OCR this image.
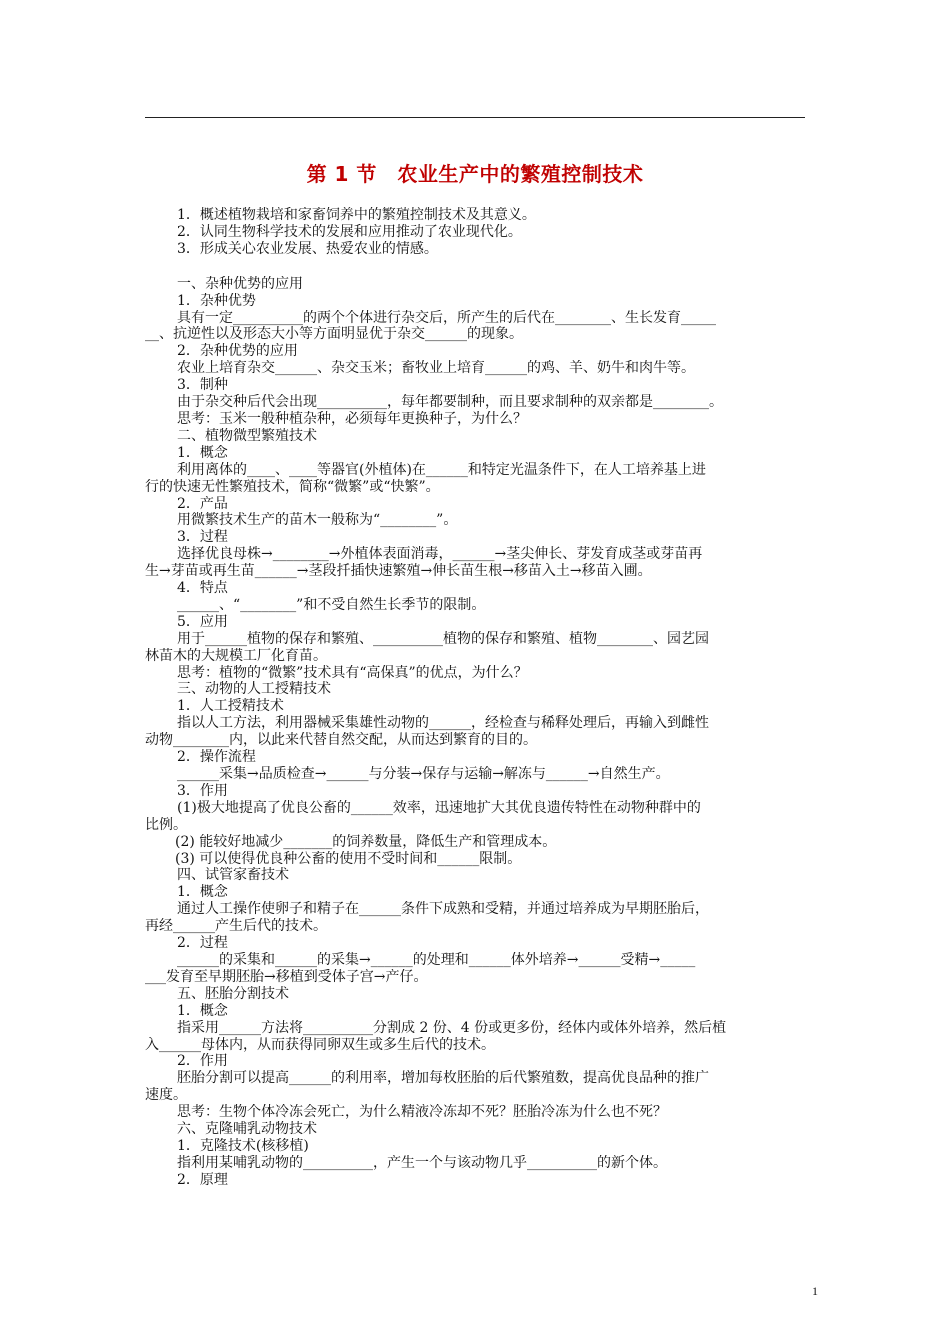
第 1 节　农业生产中的繁殖控制技术
1．概述植物栽培和家畜饲养中的繁殖控制技术及其意义。
2．认同生物科学技术的发展和应用推动了农业现代化。
3．形成关心农业发展、热爱农业的情感。
一、杂种优势的应用
1．杂种优势
具有一定__________的两个个体进行杂交后，所产生的后代在________、生长发育_____
__、抗逆性以及形态大小等方面明显优于杂交______的现象。
2．杂种优势的应用
农业上培育杂交______、杂交玉米；畜牧业上培育______的鸡、羊、奶牛和肉牛等。
3．制种
由于杂交种后代会出现__________，每年都要制种，而且要求制种的双亲都是________。
思考：玉米一般种植杂种，必须每年更换种子，为什么？
二、植物微型繁殖技术
1．概念
利用离体的____、____等器官(外植体)在______和特定光温条件下，在人工培养基上进
行的快速无性繁殖技术，简称“微繁”或“快繁”。
2．产品
用微繁技术生产的苗木一般称为“________”。
3．过程
选择优良母株→________→外植体表面消毒，______→茎尖伸长、芽发育成茎或芽苗再
生→芽苗或再生苗______→茎段扦插快速繁殖→伸长苗生根→移苗入土→移苗入圃。
4．特点
______、“________”和不受自然生长季节的限制。
5．应用
用于______植物的保存和繁殖、__________植物的保存和繁殖、植物________、园艺园
林苗木的大规模工厂化育苗。
思考：植物的“微繁”技术具有“高保真”的优点，为什么？
三、动物的人工授精技术
1．人工授精技术
指以人工方法，利用器械采集雄性动物的______，经检查与稀释处理后，再输入到雌性
动物________内，以此来代替自然交配，从而达到繁育的目的。
2．操作流程
______采集→品质检查→______与分装→保存与运输→解冻与______→自然生产。
3．作用
(1)极大地提高了优良公畜的______效率，迅速地扩大其优良遗传特性在动物种群中的
比例。
(2) 能较好地减少_______的饲养数量，降低生产和管理成本。
(3) 可以使得优良种公畜的使用不受时间和______限制。
四、试管家畜技术
1．概念
通过人工操作使卵子和精子在______条件下成熟和受精，并通过培养成为早期胚胎后，
再经______产生后代的技术。
2．过程
______的采集和______的采集→______的处理和______体外培养→______受精→_____
___发育至早期胚胎→移植到受体子宫→产仔。
五、胚胎分割技术
1．概念
指采用______方法将__________分割成 2 份、4 份或更多份，经体内或体外培养，然后植
入______母体内，从而获得同卵双生或多生后代的技术。
2．作用
胚胎分割可以提高______的利用率，增加每枚胚胎的后代繁殖数，提高优良品种的推广
速度。
思考：生物个体冷冻会死亡，为什么精液冷冻却不死？胚胎冷冻为什么也不死？
六、克隆哺乳动物技术
1．克隆技术(核移植)
指利用某哺乳动物的__________，产生一个与该动物几乎__________的新个体。
2．原理
1
